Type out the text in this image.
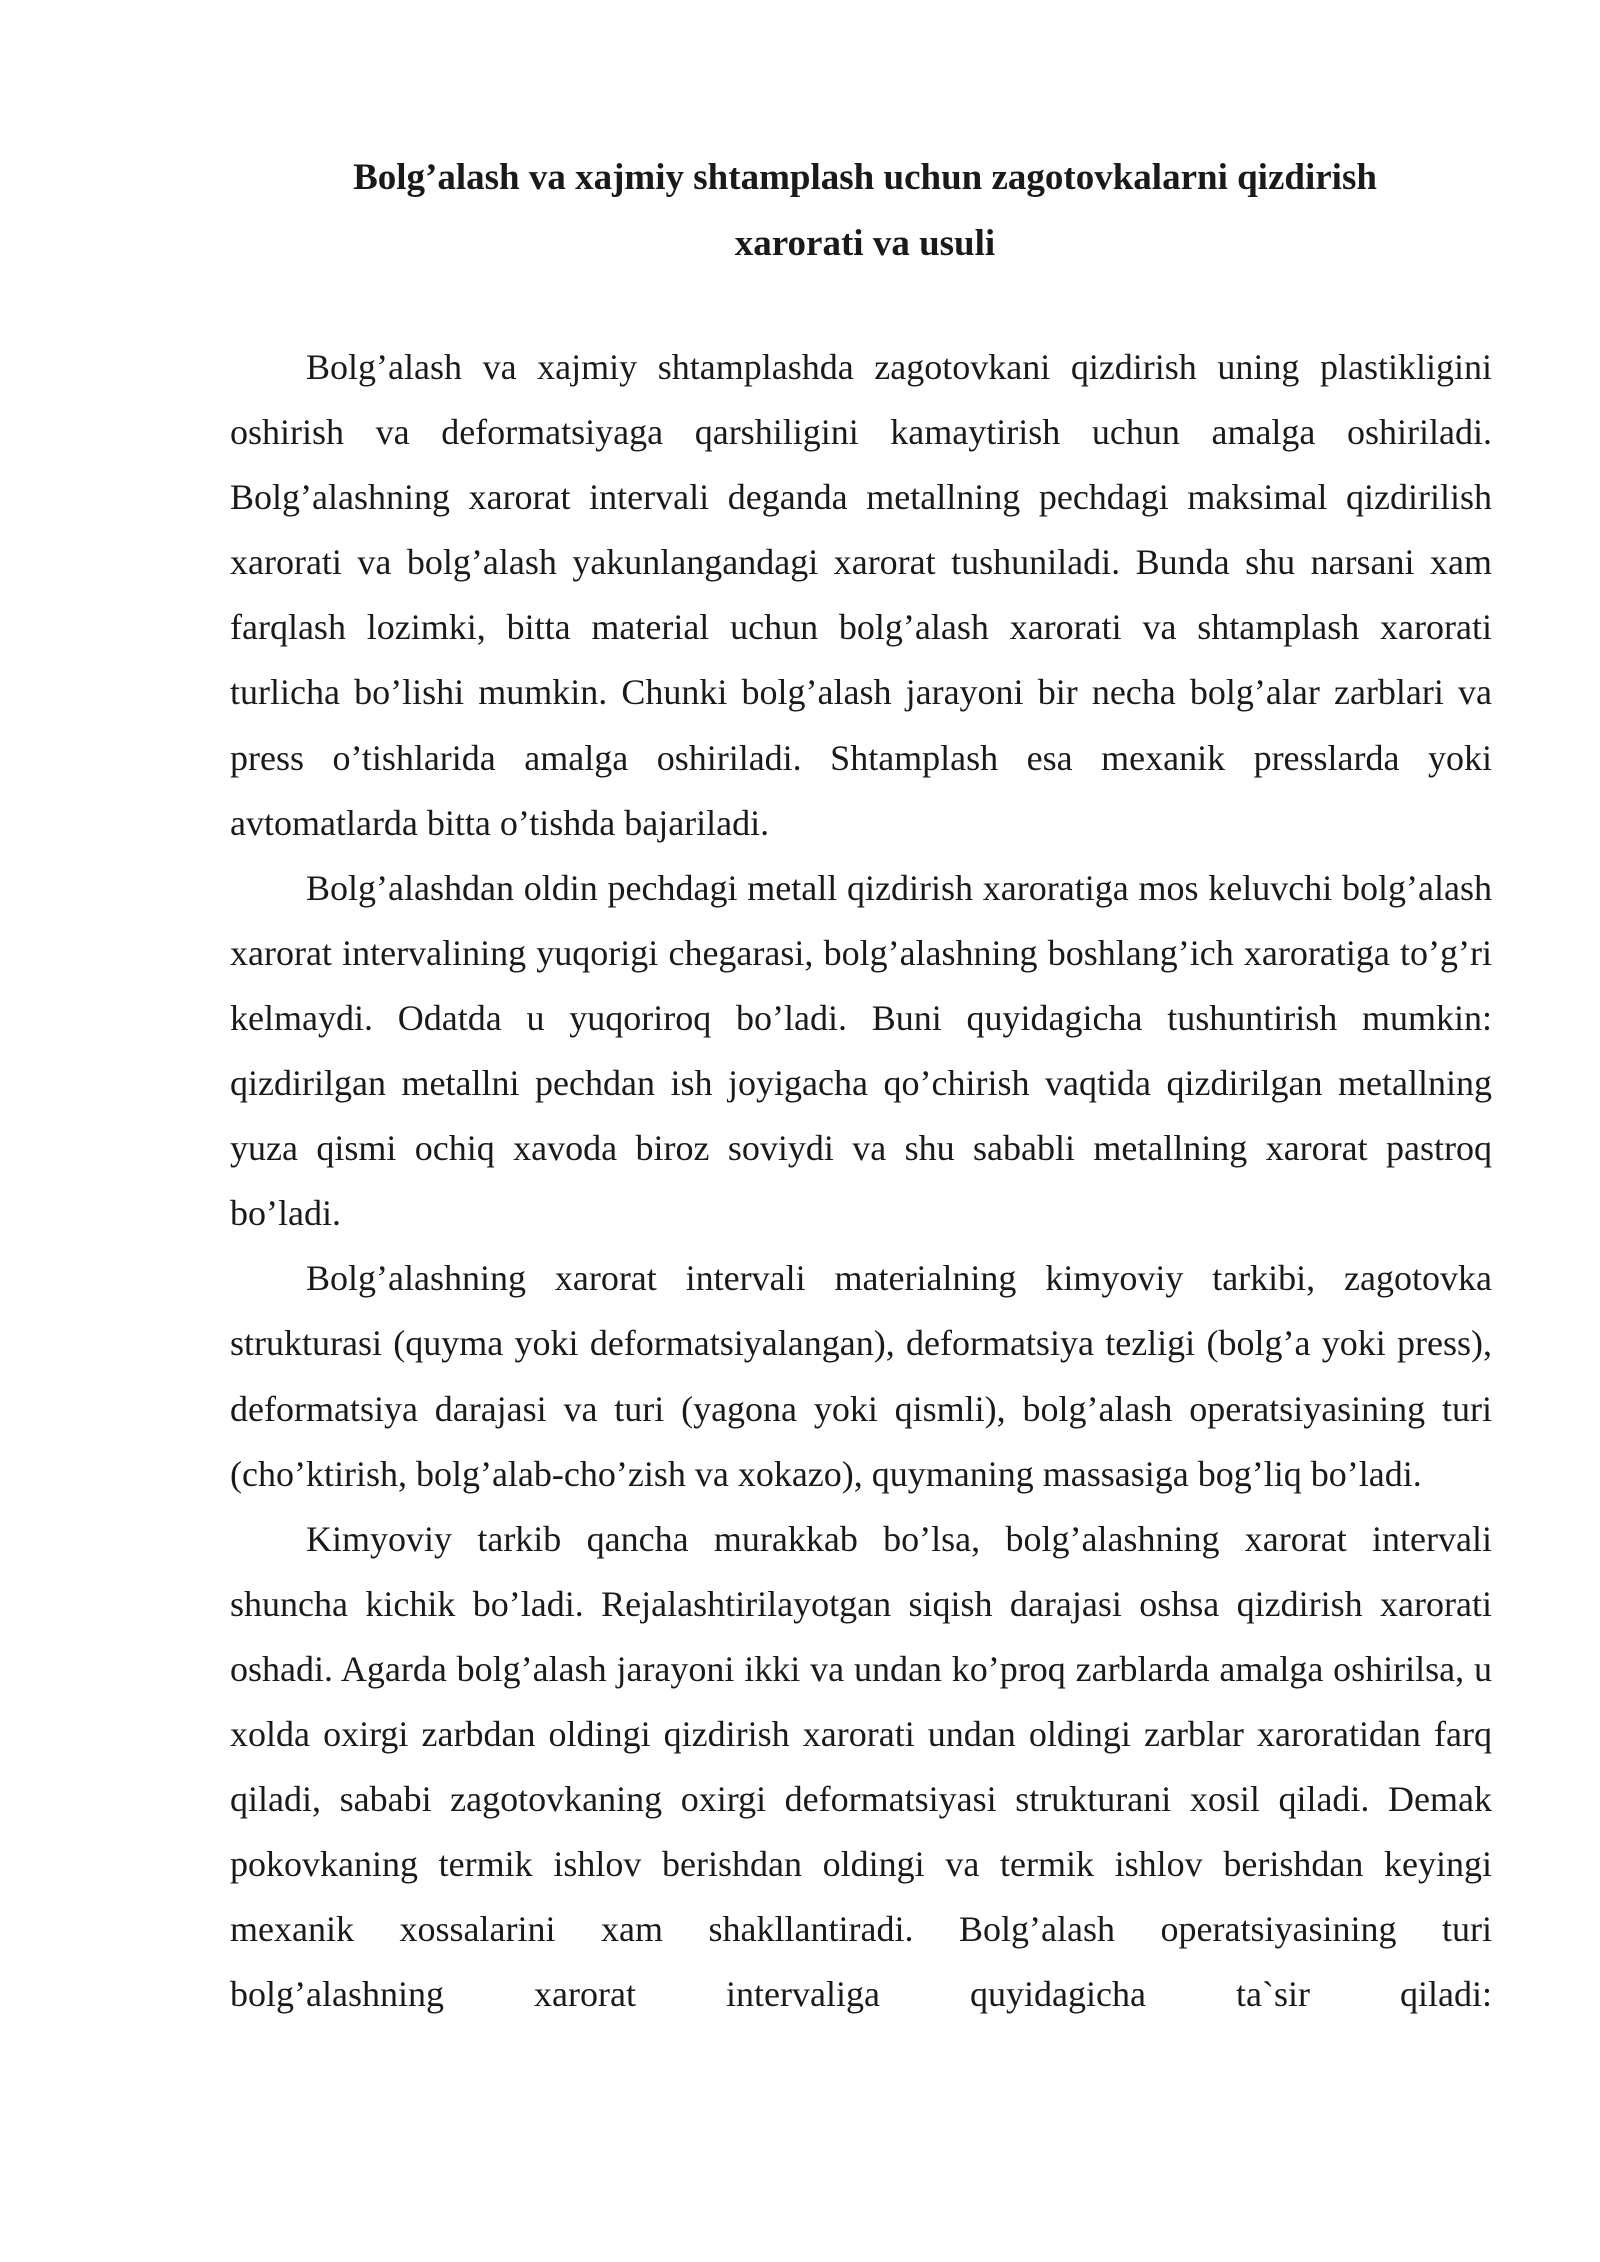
Bolg’alash va xajmiy shtamplash uchun zagotovkalarni qizdirish
xarorati va usuli

Bolg’alash va xajmiy shtamplashda zagotovkani qizdirish uning plastikligini oshirish va deformatsiyaga qarshiligini kamaytirish uchun amalga oshiriladi. Bolg’alashning xarorat intervali deganda metallning pechdagi maksimal qizdirilish xarorati va bolg’alash yakunlangandagi xarorat tushuniladi. Bunda shu narsani xam farqlash lozimki, bitta material uchun bolg’alash xarorati va shtamplash xarorati turlicha bo’lishi mumkin. Chunki bolg’alash jarayoni bir necha bolg’alar zarblari va press o’tishlarida amalga oshiriladi. Shtamplash esa mexanik presslarda yoki avtomatlarda bitta o’tishda bajariladi.

Bolg’alashdan oldin pechdagi metall qizdirish xaroratiga mos keluvchi bolg’alash xarorat intervalining yuqorigi chegarasi, bolg’alashning boshlang’ich xaroratiga to’g’ri kelmaydi. Odatda u yuqoriroq bo’ladi. Buni quyidagicha tushuntirish mumkin: qizdirilgan metallni pechdan ish joyigacha qo’chirish vaqtida qizdirilgan metallning yuza qismi ochiq xavoda biroz soviydi va shu sababli metallning xarorat pastroq bo’ladi.

Bolg’alashning xarorat intervali materialning kimyoviy tarkibi, zagotovka strukturasi (quyma yoki deformatsiyalangan), deformatsiya tezligi (bolg’a yoki press), deformatsiya darajasi va turi (yagona yoki qismli), bolg’alash operatsiyasining turi (cho’ktirish, bolg’alab-cho’zish va xokazo), quymaning massasiga bog’liq bo’ladi.

Kimyoviy tarkib qancha murakkab bo’lsa, bolg’alashning xarorat intervali shuncha kichik bo’ladi. Rejalashtirilayotgan siqish darajasi oshsa qizdirish xarorati oshadi. Agarda bolg’alash jarayoni ikki va undan ko’proq zarblarda amalga oshirilsa, u xolda oxirgi zarbdan oldingi qizdirish xarorati undan oldingi zarblar xaroratidan farq qiladi, sababi zagotovkaning oxirgi deformatsiyasi strukturani xosil qiladi. Demak pokovkaning termik ishlov berishdan oldingi va termik ishlov berishdan keyingi mexanik xossalarini xam shakllantiradi. Bolg’alash operatsiyasining turi bolg’alashning xarorat intervaliga quyidagicha ta`sir qiladi:
